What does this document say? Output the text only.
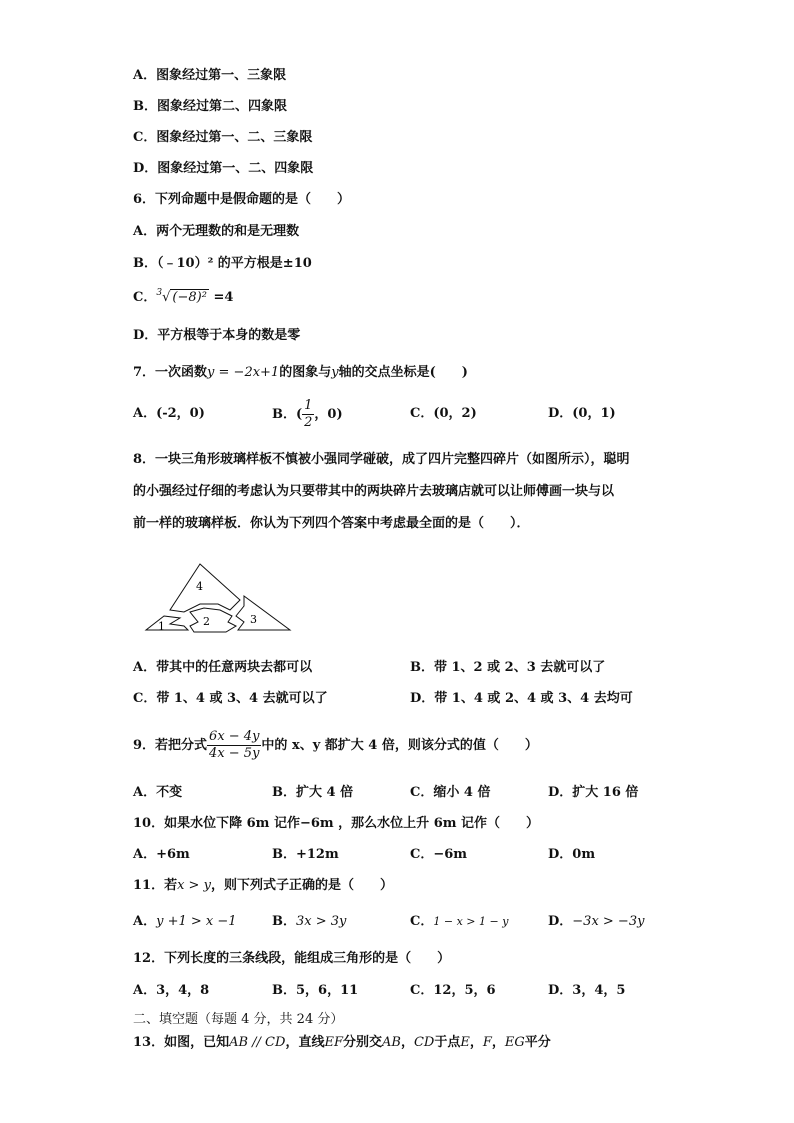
A．图象经过第一、三象限
B．图象经过第二、四象限
C．图象经过第一、二、三象限
D．图象经过第一、二、四象限
6．下列命题中是假命题的是（　　）
A．两个无理数的和是无理数
B．（﹣10）² 的平方根是±10
C．$^3$√ (−8)² =4
D．平方根等于本身的数是零
7．一次函数y = −2x+1的图象与y轴的交点坐标是(　　)
A．(-2，0)	B．( $\frac{1}{2}$ ，0)	C．(0，2)	D．(0，1)
8．一块三角形玻璃样板不慎被小强同学碰破，成了四片完整四碎片（如图所示），聪明
的小强经过仔细的考虑认为只要带其中的两块碎片去玻璃店就可以让师傅画一块与以
前一样的玻璃样板．你认为下列四个答案中考虑最全面的是（　　）．
4
1	2	3
A．带其中的任意两块去都可以	B．带 1、2 或 2、3 去就可以了
C．带 1、4 或 3、4 去就可以了	D．带 1、4 或 2、4 或 3、4 去均可
9．若把分式 $\frac{6x - 4y}{4x - 5y}$ 中的 x、y 都扩大 4 倍，则该分式的值（　　）
A．不变	B．扩大 4 倍	C．缩小 4 倍	D．扩大 16 倍
10．如果水位下降 6m 记作−6m ，那么水位上升 6m 记作（　　）
A．+6m	B．+12m	C．−6m	D．0m
11．若x > y，则下列式子正确的是（　　）
A．y +1 > x −1	B．3x > 3y	C．1 − x > 1 − y	D．−3x > −3y
12．下列长度的三条线段，能组成三角形的是（　　）
A．3，4，8	B．5，6，11	C．12，5，6	D．3，4，5
二、填空题（每题 4 分，共 24 分）
13．如图，已知AB // CD，直线EF分别交AB，CD于点E，F，EG平分
